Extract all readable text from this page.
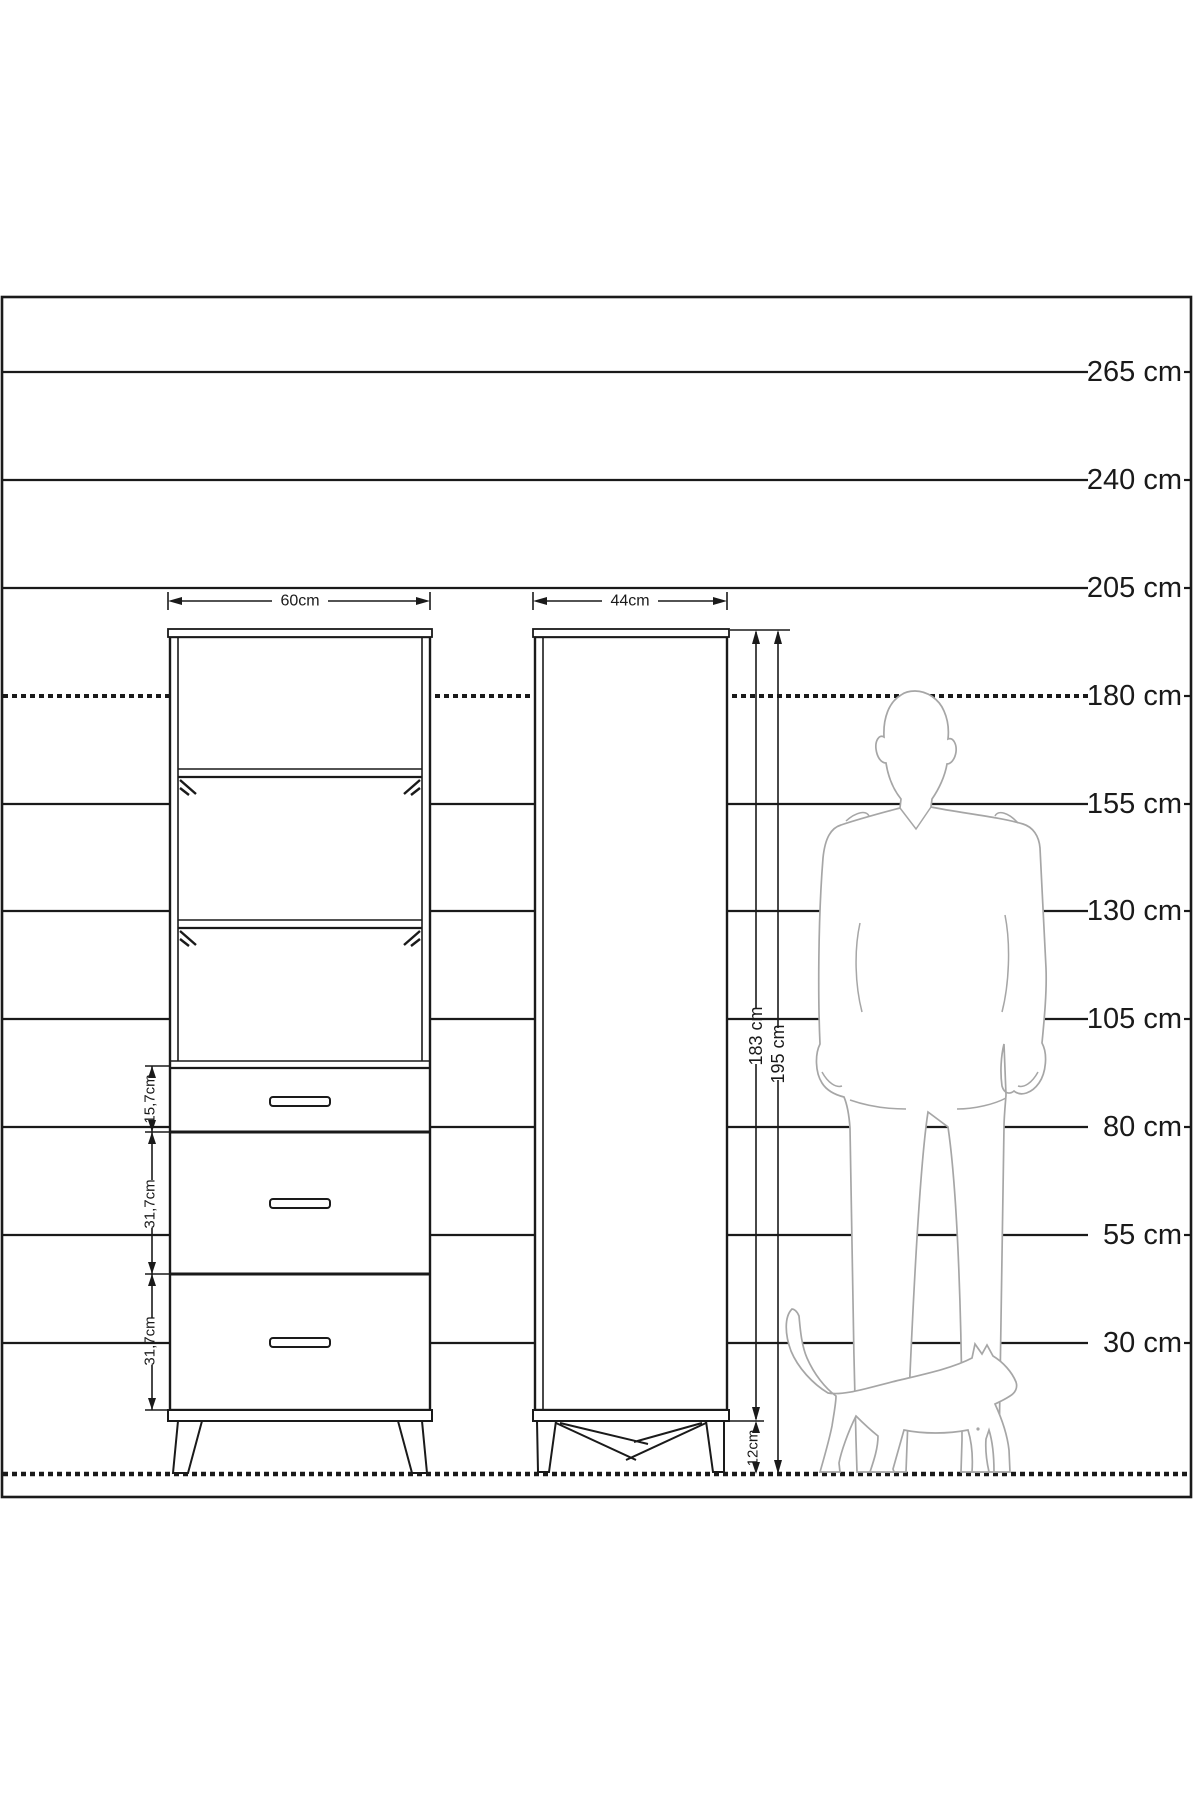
265 cm
240 cm
205 cm
180 cm
155 cm
130 cm
105 cm
80 cm
55 cm
30 cm
60cm	44cm
15,7cm
31,7cm
31,7cm
183 cm 195 cm
12cm
